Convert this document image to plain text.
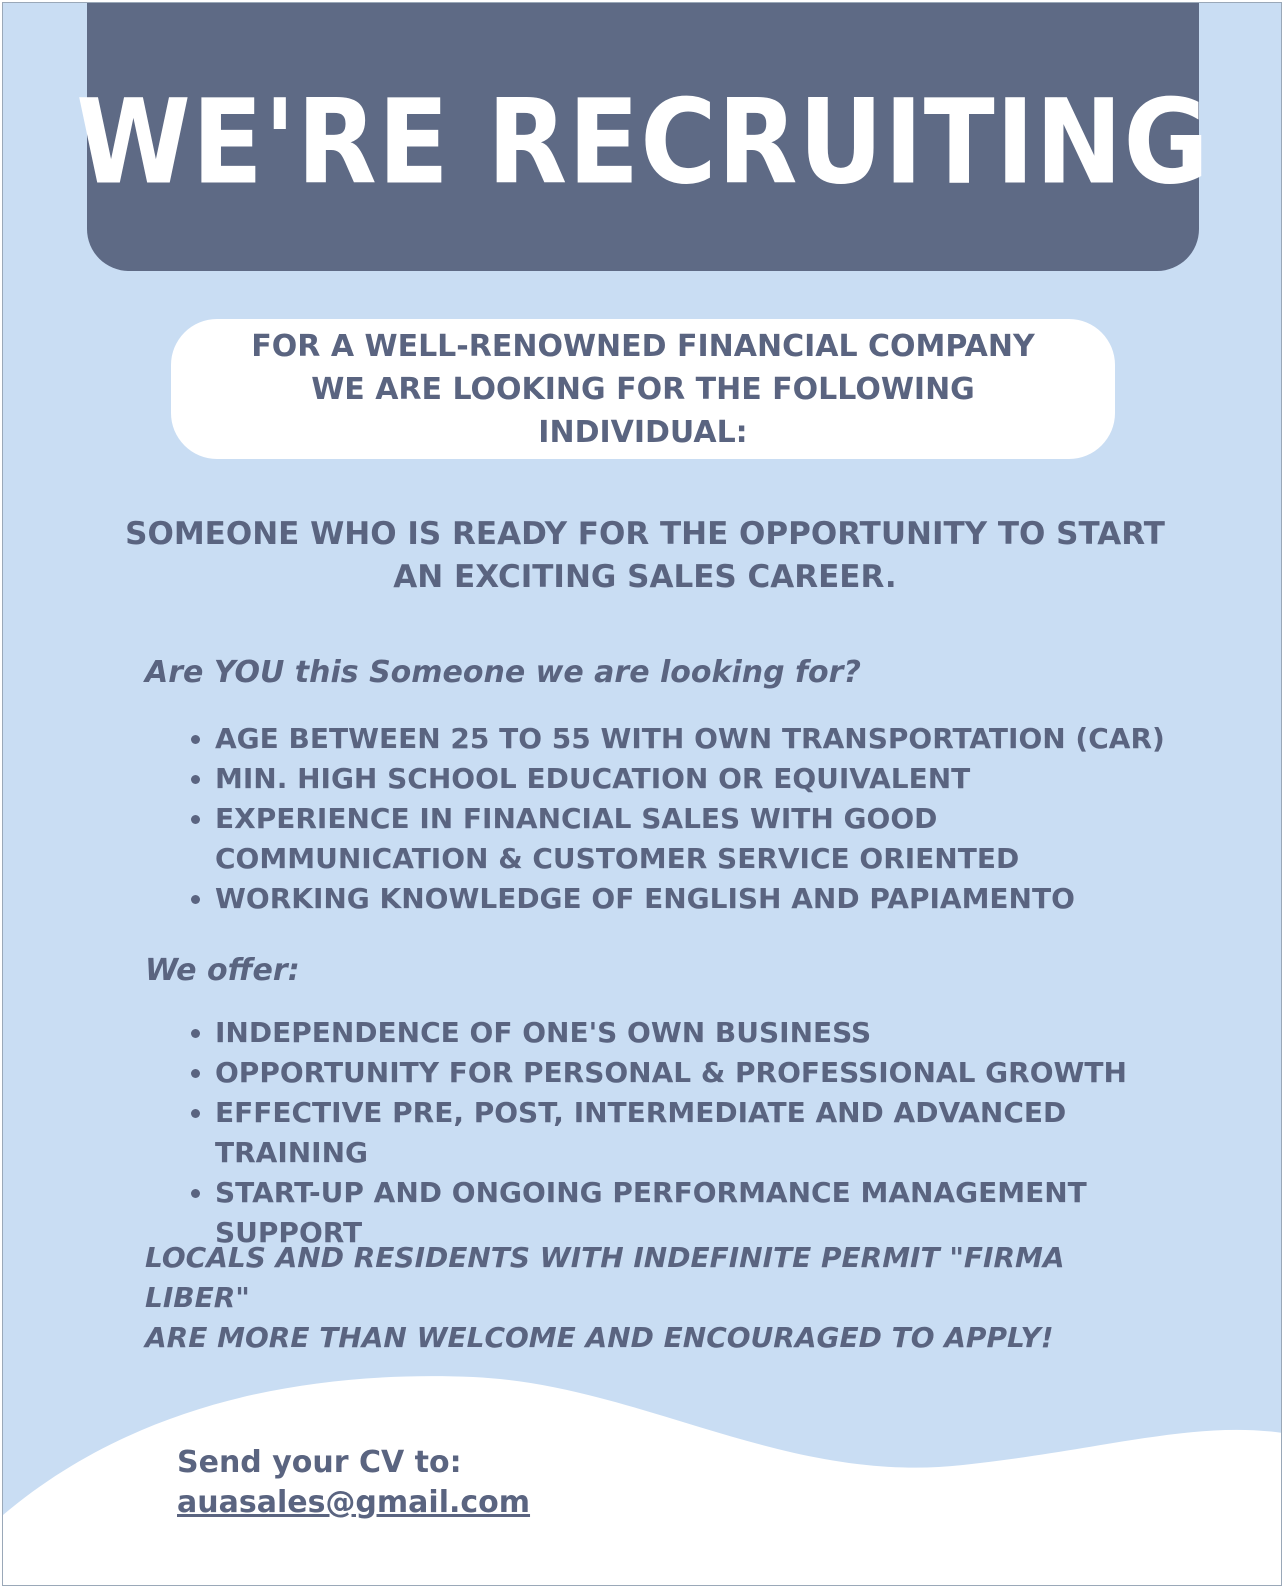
WE'RE RECRUITING

FOR A WELL-RENOWNED FINANCIAL COMPANY WE ARE LOOKING FOR THE FOLLOWING INDIVIDUAL:

SOMEONE WHO IS READY FOR THE OPPORTUNITY TO START AN EXCITING SALES CAREER.

Are YOU this Someone we are looking for?

• AGE BETWEEN 25 TO 55 WITH OWN TRANSPORTATION (CAR)
• MIN. HIGH SCHOOL EDUCATION OR EQUIVALENT
• EXPERIENCE IN FINANCIAL SALES WITH GOOD COMMUNICATION & CUSTOMER SERVICE ORIENTED
• WORKING KNOWLEDGE OF ENGLISH AND PAPIAMENTO

We offer:

• INDEPENDENCE OF ONE'S OWN BUSINESS
• OPPORTUNITY FOR PERSONAL & PROFESSIONAL GROWTH
• EFFECTIVE PRE, POST, INTERMEDIATE AND ADVANCED TRAINING
• START-UP AND ONGOING PERFORMANCE MANAGEMENT SUPPORT

LOCALS AND RESIDENTS WITH INDEFINITE PERMIT "FIRMA LIBER"
ARE MORE THAN WELCOME AND ENCOURAGED TO APPLY!

Send your CV to:
auasales@gmail.com
